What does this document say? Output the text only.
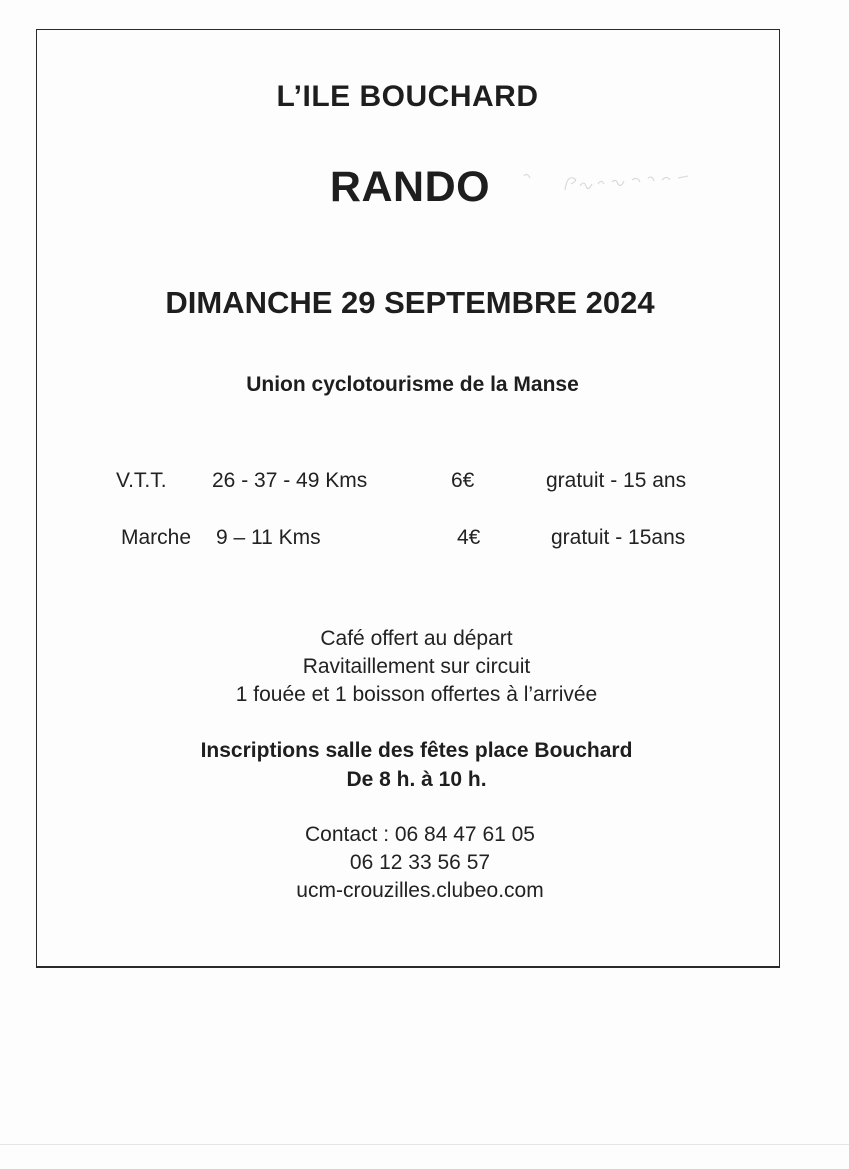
L’ILE BOUCHARD
RANDO
DIMANCHE 29 SEPTEMBRE 2024
Union cyclotourisme de la Manse
V.T.T. 26 - 37 - 49 Kms	6€	gratuit - 15 ans
Marche 9 – 11 Kms	4€	gratuit - 15ans
Café offert au départ
Ravitaillement sur circuit
1 fouée et 1 boisson offertes à l’arrivée
Inscriptions salle des fêtes place Bouchard
De 8 h. à 10 h.
Contact : 06 84 47 61 05
06 12 33 56 57
ucm-crouzilles.clubeo.com
